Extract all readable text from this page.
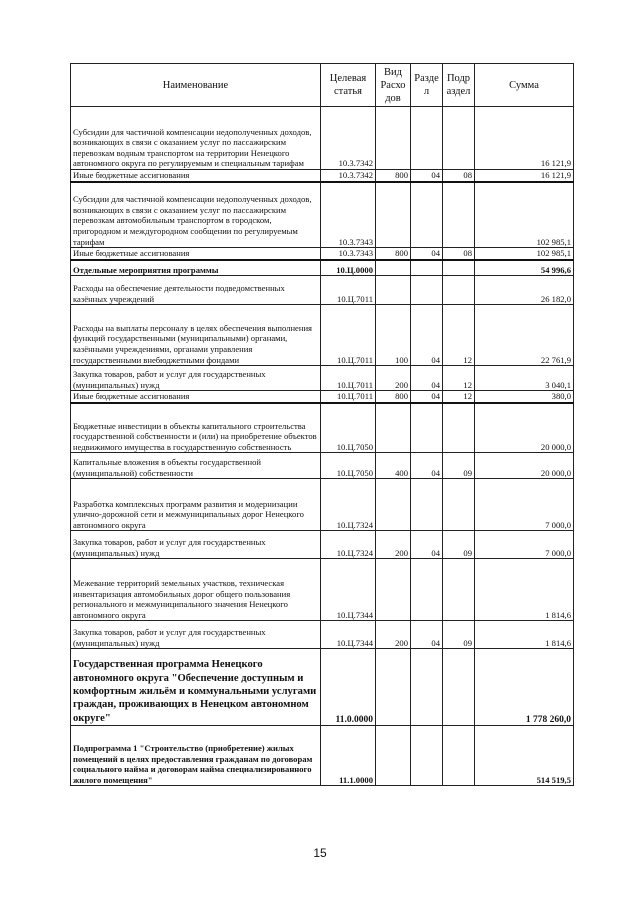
Наименование	Целевая статья	Вид Расхо дов	Разде л	Подр аздел	Сумма
Субсидии для частичной компенсации недополученных доходов, возникающих в связи с оказанием услуг по пассажирским перевозкам водным транспортом на территории Ненецкого автономного округа по регулируемым и специальным тарифам	10.3.7342				16 121,9
Иные бюджетные ассигнования	10.3.7342	800	04	08	16 121,9
Субсидии для частичной компенсации недополученных доходов, возникающих в связи с оказанием услуг по пассажирским перевозкам автомобильным транспортом в городском, пригородном и междугородном сообщении по регулируемым тарифам	10.3.7343				102 985,1
Иные бюджетные ассигнования	10.3.7343	800	04	08	102 985,1
Отдельные мероприятия программы	10.Ц.0000				54 996,6
Расходы на обеспечение деятельности подведомственных казённых учреждений	10.Ц.7011				26 182,0
Расходы на выплаты персоналу в целях обеспечения выполнения функций государственными (муниципальными) органами, казёнными учреждениями, органами управления государственными внебюджетными фондами	10.Ц.7011	100	04	12	22 761,9
Закупка товаров, работ и услуг для государственных (муниципальных) нужд	10.Ц.7011	200	04	12	3 040,1
Иные бюджетные ассигнования	10.Ц.7011	800	04	12	380,0
Бюджетные инвестиции в объекты капитального строительства государственной собственности и (или) на приобретение объектов недвижимого имущества в государственную собственность	10.Ц.7050				20 000,0
Капитальные вложения в объекты государственной (муниципальной) собственности	10.Ц.7050	400	04	09	20 000,0
Разработка комплексных программ развития и модернизации улично-дорожной сети и межмуниципальных дорог Ненецкого автономного округа	10.Ц.7324				7 000,0
Закупка товаров, работ и услуг для государственных (муниципальных) нужд	10.Ц.7324	200	04	09	7 000,0
Межевание территорий земельных участков, техническая инвентаризация автомобильных дорог общего пользования регионального и межмуниципального значения Ненецкого автономного округа	10.Ц.7344				1 814,6
Закупка товаров, работ и услуг для государственных (муниципальных) нужд	10.Ц.7344	200	04	09	1 814,6
Государственная программа Ненецкого автономного округа "Обеспечение доступным и комфортным жильём и коммунальными услугами граждан, проживающих в Ненецком автономном округе"	11.0.0000				1 778 260,0
Подпрограмма 1 "Строительство (приобретение) жилых помещений в целях предоставления гражданам по договорам социального найма и договорам найма специализированного жилого помещения"	11.1.0000				514 519,5
15
